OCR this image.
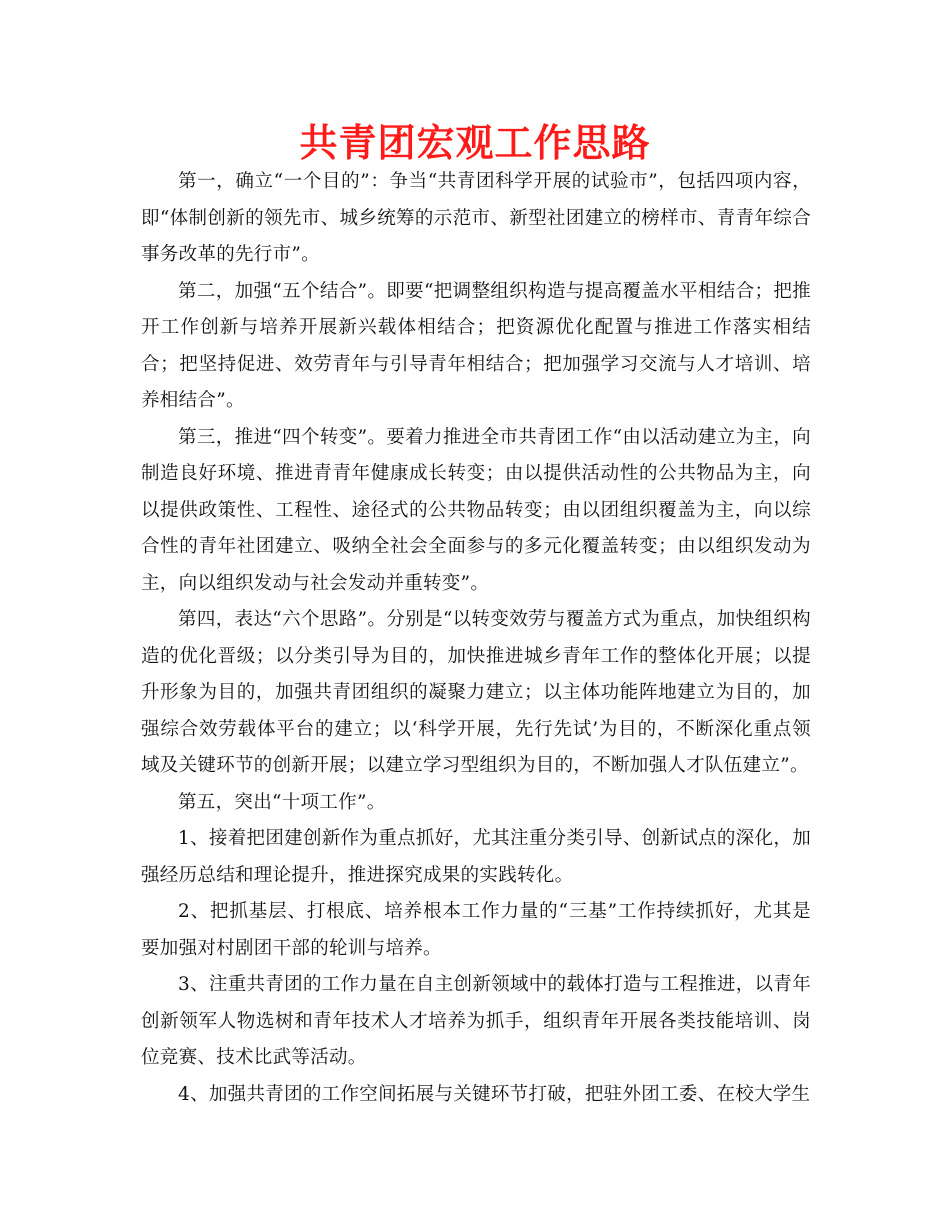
共青团宏观工作思路

第一，确立“一个目的”：争当“共青团科学开展的试验市”，包括四项内容，即“体制创新的领先市、城乡统筹的示范市、新型社团建立的榜样市、青青年综合事务改革的先行市”。

第二，加强“五个结合”。即要“把调整组织构造与提高覆盖水平相结合；把推开工作创新与培养开展新兴载体相结合；把资源优化配置与推进工作落实相结合；把坚持促进、效劳青年与引导青年相结合；把加强学习交流与人才培训、培养相结合”。

第三，推进“四个转变”。要着力推进全市共青团工作“由以活动建立为主，向制造良好环境、推进青青年健康成长转变；由以提供活动性的公共物品为主，向以提供政策性、工程性、途径式的公共物品转变；由以团组织覆盖为主，向以综合性的青年社团建立、吸纳全社会全面参与的多元化覆盖转变；由以组织发动为主，向以组织发动与社会发动并重转变”。

第四，表达“六个思路”。分别是“以转变效劳与覆盖方式为重点，加快组织构造的优化晋级；以分类引导为目的，加快推进城乡青年工作的整体化开展；以提升形象为目的，加强共青团组织的凝聚力建立；以主体功能阵地建立为目的，加强综合效劳载体平台的建立；以‘科学开展，先行先试’为目的，不断深化重点领域及关键环节的创新开展；以建立学习型组织为目的，不断加强人才队伍建立”。

第五，突出“十项工作”。

1、接着把团建创新作为重点抓好，尤其注重分类引导、创新试点的深化，加强经历总结和理论提升，推进探究成果的实践转化。

2、把抓基层、打根底、培养根本工作力量的“三基”工作持续抓好，尤其是要加强对村剧团干部的轮训与培养。

3、注重共青团的工作力量在自主创新领域中的载体打造与工程推进，以青年创新领军人物选树和青年技术人才培养为抓手，组织青年开展各类技能培训、岗位竞赛、技术比武等活动。

4、加强共青团的工作空间拓展与关键环节打破，把驻外团工委、在校大学生
